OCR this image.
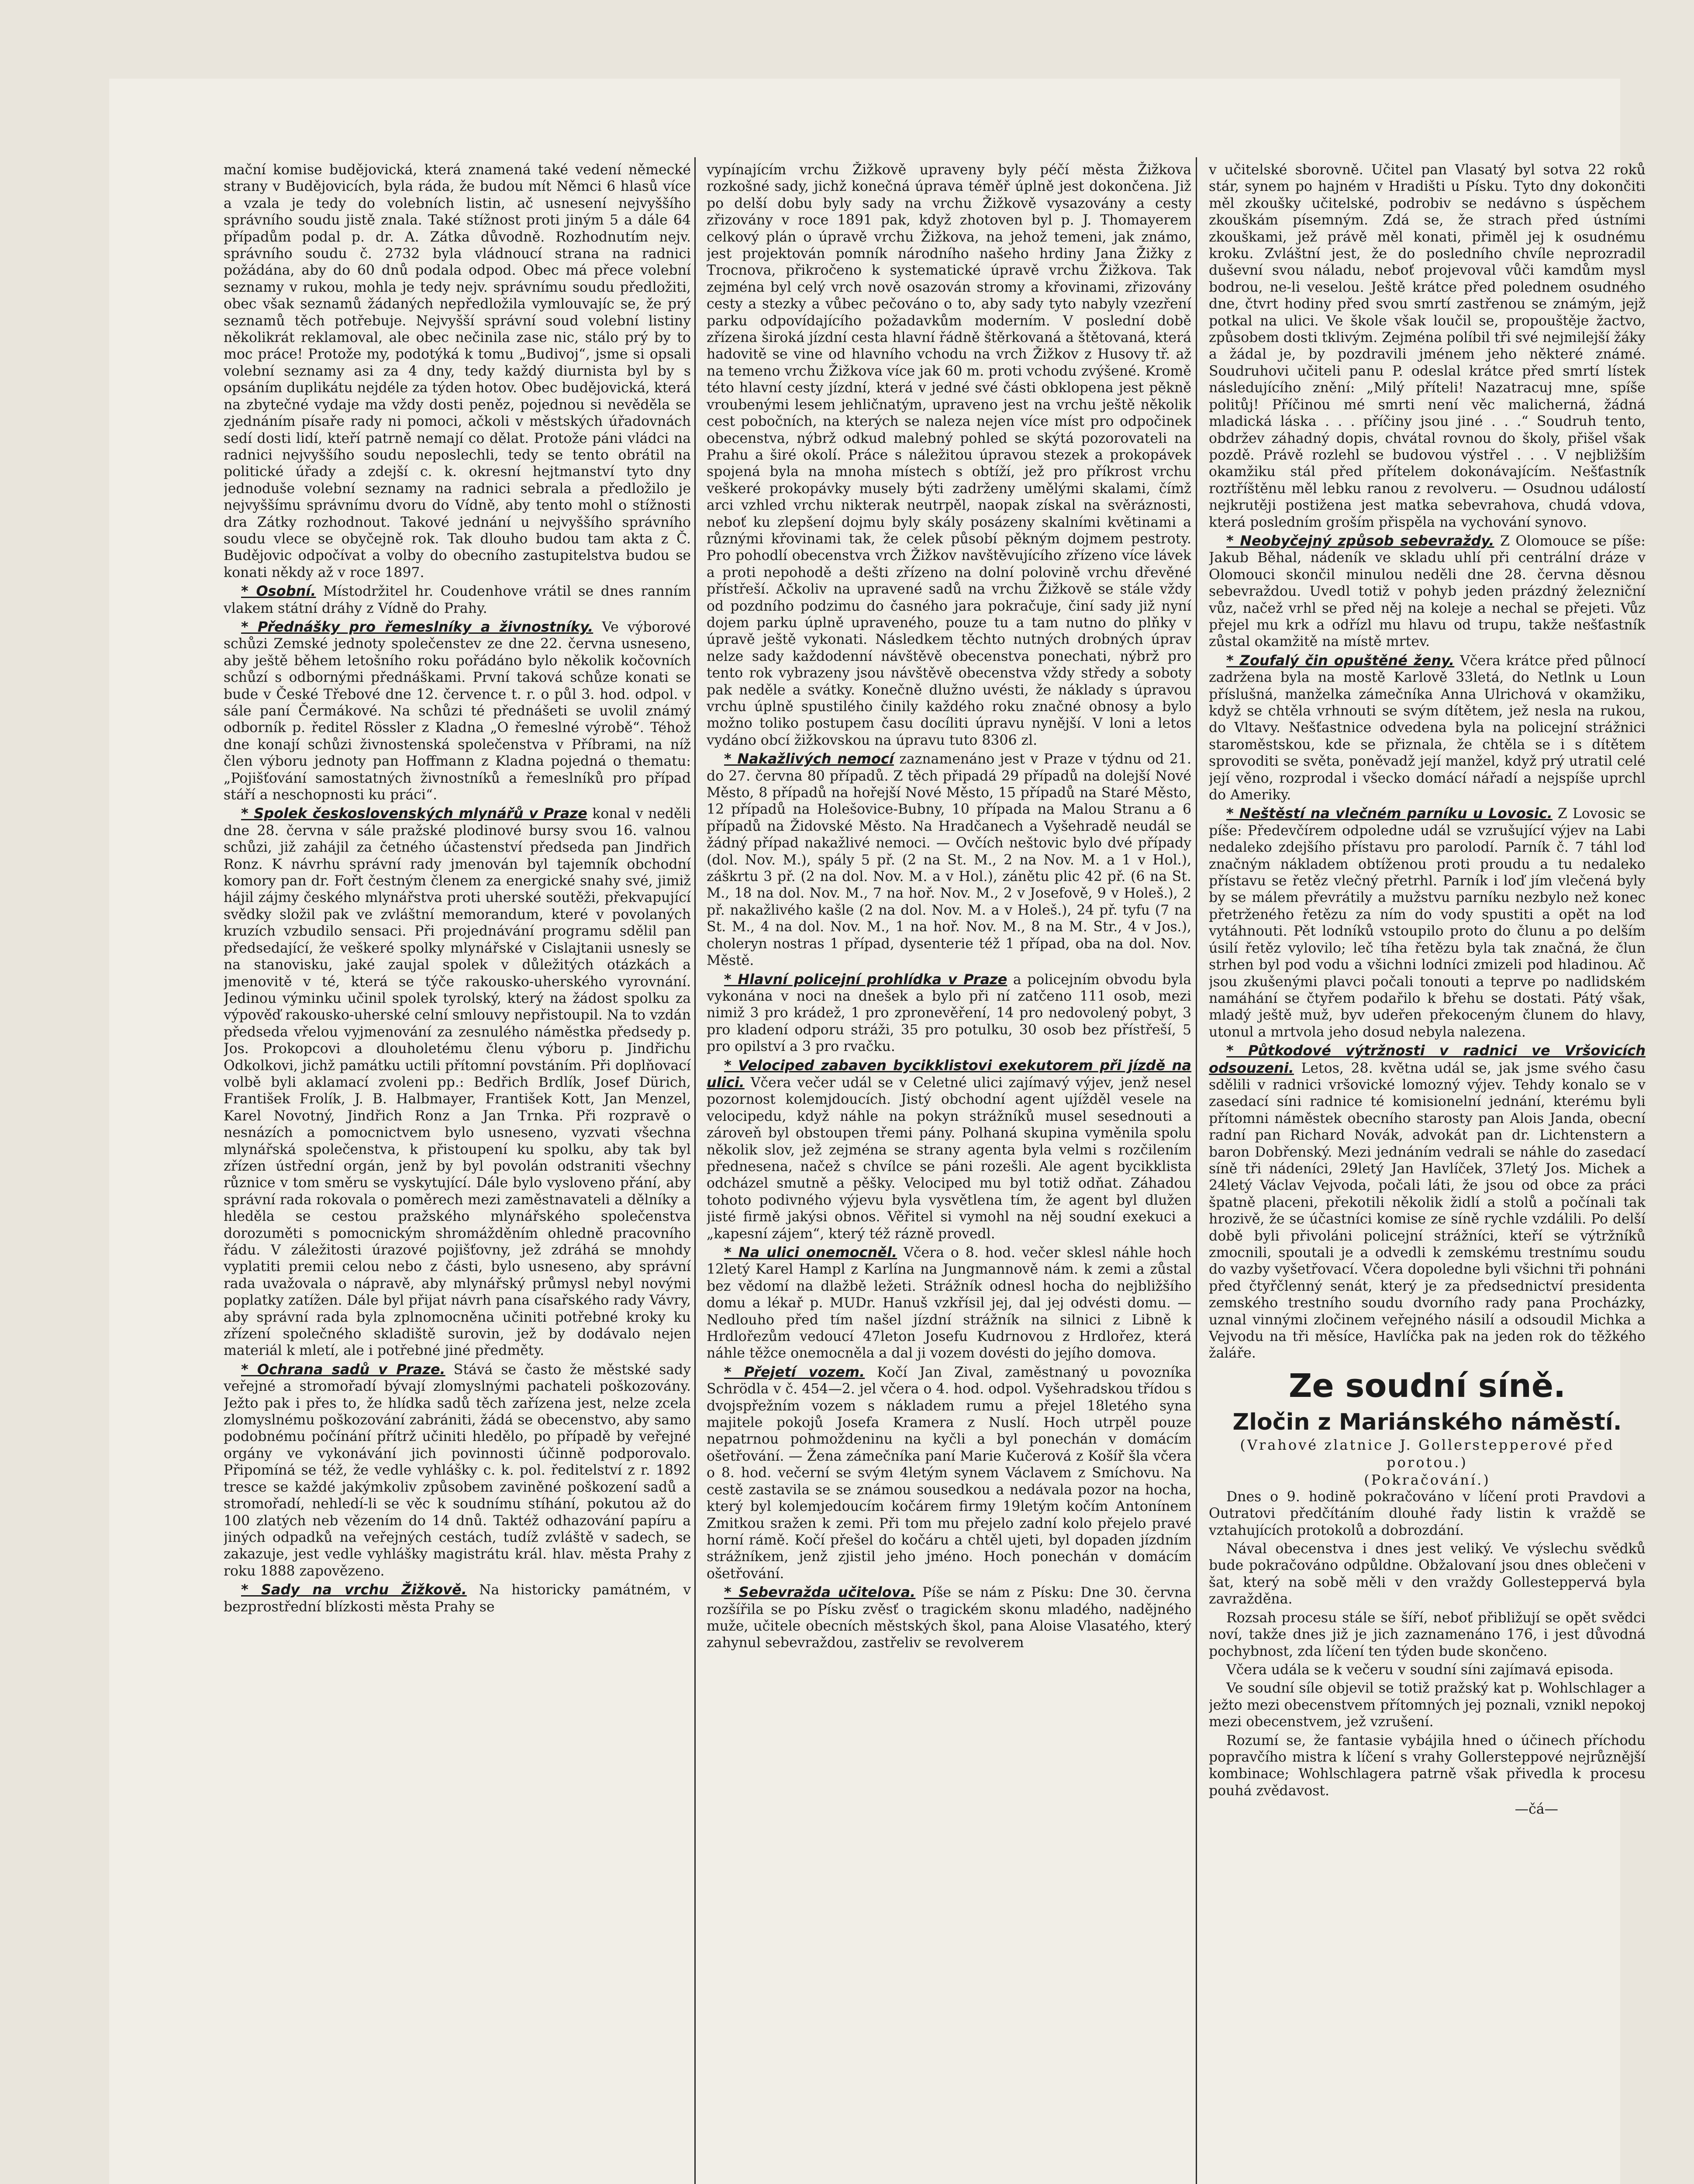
mační komise budějovická, která znamená také vedení německé strany v Budějovicích, byla ráda, že budou mít Němci 6 hlasů více a vzala je tedy do volebních listin, ač usnesení nejvyššího správního soudu jistě znala. Také stížnost proti jiným 5 a dále 64 případům podal p. dr. A. Zátka důvodně. Rozhodnutím nejv. správního soudu č. 2732 byla vládnoucí strana na radnici požádána, aby do 60 dnů podala odpod. Obec má přece volební seznamy v rukou, mohla je tedy nejv. správnímu soudu předložiti, obec však seznamů žádaných nepředložila vymlouvajíc se, že prý seznamů těch potřebuje. Nejvyšší správní soud volební listiny několikrát reklamoval, ale obec nečinila zase nic, stálo prý by to moc práce! Protože my, podotýká k tomu „Budivoj“, jsme si opsali volební seznamy asi za 4 dny, tedy každý diurnista byl by s opsáním duplikátu nejdéle za týden hotov. Obec budějovická, která na zbytečné vydaje ma vždy dosti peněz, pojednou si nevěděla se zjednáním písaře rady ni pomoci, ačkoli v městských úřadovnách sedí dosti lidí, kteří patrně nemají co dělat. Protože páni vládci na radnici nejvyššího soudu neposlechli, tedy se tento obrátil na politické úřady a zdejší c. k. okresní hejtmanství tyto dny jednoduše volební seznamy na radnici sebrala a předložilo je nejvyššímu správnímu dvoru do Vídně, aby tento mohl o stížnosti dra Zátky rozhodnout. Takové jednání u nejvyššího správního soudu vlece se obyčejně rok. Tak dlouho budou tam akta z Č. Budějovic odpočívat a volby do obecního zastupitelstva budou se konati někdy až v roce 1897.

* Osobní. Místodržitel hr. Coudenhove vrátil se dnes ranním vlakem státní dráhy z Vídně do Prahy.

* Přednášky pro řemeslníky a živnostníky. Ve výborové schůzi Zemské jednoty společenstev ze dne 22. června usneseno, aby ještě během letošního roku pořádáno bylo několik kočovních schůzí s odbornými přednáškami. První taková schůze konati se bude v České Třebové dne 12. července t. r. o půl 3. hod. odpol. v sále paní Čermákové. Na schůzi té přednášeti se uvolil známý odborník p. ředitel Rössler z Kladna „O řemeslné výrobě“. Téhož dne konají schůzi živnostenská společenstva v Příbrami, na níž člen výboru jednoty pan Hoffmann z Kladna pojedná o thematu: „Pojišťování samostatných živnostníků a řemeslníků pro případ stáří a neschopnosti ku práci“.

* Spolek československých mlynářů v Praze konal v neděli dne 28. června v sále pražské plodinové bursy svou 16. valnou schůzi, již zahájil za četného účastenství předseda pan Jindřich Ronz. K návrhu správní rady jmenován byl tajemník obchodní komory pan dr. Fořt čestným členem za energické snahy své, jimiž hájil zájmy českého mlynářstva proti uherské soutěži, překvapující svědky složil pak ve zvláštní memorandum, které v povolaných kruzích vzbudilo sensaci. Při projednávání programu sdělil pan předsedající, že veškeré spolky mlynářské v Cislajtanii usnesly se na stanovisku, jaké zaujal spolek v důležitých otázkách a jmenovitě v té, která se týče rakousko-uherského vyrovnání. Jedinou výminku učinil spolek tyrolský, který na žádost spolku za výpověď rakousko-uherské celní smlouvy nepřistoupil. Na to vzdán předseda vřelou vyjmenování za zesnulého náměstka předsedy p. Jos. Prokopcovi a dlouholetému členu výboru p. Jindřichu Odkolkovi, jichž památku uctili přítomní povstáním. Při doplňovací volbě byli aklamací zvoleni pp.: Bedřich Brdlík, Josef Dürich, František Frolík, J. B. Halbmayer, František Kott, Jan Menzel, Karel Novotný, Jindřich Ronz a Jan Trnka. Při rozpravě o nesnázích a pomocnictvem bylo usneseno, vyzvati všechna mlynářská společenstva, k přistoupení ku spolku, aby tak byl zřízen ústřední orgán, jenž by byl povolán odstraniti všechny různice v tom směru se vyskytující. Dále bylo vysloveno přání, aby správní rada rokovala o poměrech mezi zaměstnavateli a dělníky a hleděla se cestou pražského mlynářského společenstva dorozuměti s pomocnickým shromážděním ohledně pracovního řádu. V záležitosti úrazové pojišťovny, jež zdráhá se mnohdy vyplatiti premii celou nebo z části, bylo usneseno, aby správní rada uvažovala o nápravě, aby mlynářský průmysl nebyl novými poplatky zatížen. Dále byl přijat návrh pana císařského rady Vávry, aby správní rada byla zplnomocněna učiniti potřebné kroky ku zřízení společného skladiště surovin, jež by dodávalo nejen materiál k mletí, ale i potřebné jiné předměty.

* Ochrana sadů v Praze. Stává se často že městské sady veřejné a stromořadí bývají zlomyslnými pachateli poškozovány. Ježto pak i přes to, že hlídka sadů těch zařízena jest, nelze zcela zlomyslnému poškozování zabrániti, žádá se obecenstvo, aby samo podobnému počínání přítrž učiniti hledělo, po případě by veřejné orgány ve vykonávání jich povinnosti účinně podporovalo. Připomíná se též, že vedle vyhlášky c. k. pol. ředitelství z r. 1892 tresce se každé jakýmkoliv způsobem zaviněné poškození sadů a stromořadí, nehledí-li se věc k soudnímu stíhání, pokutou až do 100 zlatých neb vězením do 14 dnů. Taktéž odhazování papíru a jiných odpadků na veřejných cestách, tudíž zvláště v sadech, se zakazuje, jest vedle vyhlášky magistrátu král. hlav. města Prahy z roku 1888 zapovězeno.

* Sady na vrchu Žižkově. Na historicky památném, v bezprostřední blízkosti města Prahy se

vypínajícím vrchu Žižkově upraveny byly péčí města Žižkova rozkošné sady, jichž konečná úprava téměř úplně jest dokončena. Již po delší dobu byly sady na vrchu Žižkově vysazovány a cesty zřizovány v roce 1891 pak, když zhotoven byl p. J. Thomayerem celkový plán o úpravě vrchu Žižkova, na jehož temeni, jak známo, jest projektován pomník národního našeho hrdiny Jana Žižky z Trocnova, přikročeno k systematické úpravě vrchu Žižkova. Tak zejména byl celý vrch nově osazován stromy a křovinami, zřizovány cesty a stezky a vůbec pečováno o to, aby sady tyto nabyly vzezření parku odpovídajícího požadavkům moderním. V poslední době zřízena široká jízdní cesta hlavní řádně štěrkovaná a štětovaná, která hadovitě se vine od hlavního vchodu na vrch Žižkov z Husovy tř. až na temeno vrchu Žižkova více jak 60 m. proti vchodu zvýšené. Kromě této hlavní cesty jízdní, která v jedné své části obklopena jest pěkně vroubenými lesem jehličnatým, upraveno jest na vrchu ještě několik cest pobočních, na kterých se naleza nejen více míst pro odpočinek obecenstva, nýbrž odkud malebný pohled se skýtá pozorovateli na Prahu a širé okolí. Práce s náležitou úpravou stezek a prokopávek spojená byla na mnoha místech s obtíží, jež pro příkrost vrchu veškeré prokopávky musely býti zadrženy umělými skalami, čímž arci vzhled vrchu nikterak neutrpěl, naopak získal na svěráznosti, neboť ku zlepšení dojmu byly skály posázeny skalními květinami a různými křovinami tak, že celek působí pěkným dojmem pestroty. Pro pohodlí obecenstva vrch Žižkov navštěvujícího zřízeno více lávek a proti nepohodě a dešti zřízeno na dolní polovině vrchu dřevěné přístřeší. Ačkoliv na upravené sadů na vrchu Žižkově se stále vždy od pozdního podzimu do časného jara pokračuje, činí sady již nyní dojem parku úplně upraveného, pouze tu a tam nutno do plňky v úpravě ještě vykonati. Následkem těchto nutných drobných úprav nelze sady každodenní návštěvě obecenstva ponechati, nýbrž pro tento rok vybrazeny jsou návštěvě obecenstva vždy středy a soboty pak neděle a svátky. Konečně dlužno uvésti, že náklady s úpravou vrchu úplně spustilého činily každého roku značné obnosy a bylo možno toliko postupem času docíliti úpravu nynější. V loni a letos vydáno obcí žižkovskou na úpravu tuto 8306 zl.

* Nakažlivých nemocí zaznamenáno jest v Praze v týdnu od 21. do 27. června 80 případů. Z těch připadá 29 případů na dolejší Nové Město, 8 případů na hořejší Nové Město, 15 případů na Staré Město, 12 případů na Holešovice-Bubny, 10 případa na Malou Stranu a 6 případů na Židovské Město. Na Hradčanech a Vyšehradě neudál se žádný případ nakažlivé nemoci. — Ovčích neštovic bylo dvé případy (dol. Nov. M.), spály 5 př. (2 na St. M., 2 na Nov. M. a 1 v Hol.), záškrtu 3 př. (2 na dol. Nov. M. a v Hol.), zánětu plic 42 př. (6 na St. M., 18 na dol. Nov. M., 7 na hoř. Nov. M., 2 v Josefově, 9 v Holeš.), 2 př. nakažlivého kašle (2 na dol. Nov. M. a v Holeš.), 24 př. tyfu (7 na St. M., 4 na dol. Nov. M., 1 na hoř. Nov. M., 8 na M. Str., 4 v Jos.), choleryn nostras 1 případ, dysenterie též 1 případ, oba na dol. Nov. Městě.

* Hlavní policejní prohlídka v Praze a policejním obvodu byla vykonána v noci na dnešek a bylo při ní zatčeno 111 osob, mezi nimiž 3 pro krádež, 1 pro zpronevěření, 14 pro nedovolený pobyt, 3 pro kladení odporu stráži, 35 pro potulku, 30 osob bez přístřeší, 5 pro opilství a 3 pro rvačku.

* Velociped zabaven bycikklistovi exekutorem při jízdě na ulici. Včera večer udál se v Celetné ulici zajímavý výjev, jenž nesel pozornost kolemjdoucích. Jistý obchodní agent ujížděl vesele na velocipedu, když náhle na pokyn strážníků musel sesednouti a zároveň byl obstoupen třemi pány. Polhaná skupina vyměnila spolu několik slov, jež zejména se strany agenta byla velmi s rozčilením přednesena, načež s chvílce se páni rozešli. Ale agent bycikklista odcházel smutně a pěšky. Velociped mu byl totiž odňat. Záhadou tohoto podivného výjevu byla vysvětlena tím, že agent byl dlužen jisté firmě jakýsi obnos. Věřitel si vymohl na něj soudní exekuci a „kapesní zájem“, který též rázně provedl.

* Na ulici onemocněl. Včera o 8. hod. večer sklesl náhle hoch 12letý Karel Hampl z Karlína na Jungmannově nám. k zemi a zůstal bez vědomí na dlažbě ležeti. Strážník odnesl hocha do nejbližšího domu a lékař p. MUDr. Hanuš vzkřísil jej, dal jej odvésti domu. — Nedlouho před tím našel jízdní strážník na silnici z Libně k Hrdlořezům vedoucí 47leton Josefu Kudrnovou z Hrdlořez, která náhle těžce onemocněla a dal ji vozem dovésti do jejího domova.

* Přejetí vozem. Kočí Jan Zival, zaměstnaný u povozníka Schrödla v č. 454—2. jel včera o 4. hod. odpol. Vyšehradskou třídou s dvojspřežním vozem s nákladem rumu a přejel 18letého syna majitele pokojů Josefa Kramera z Nuslí. Hoch utrpěl pouze nepatrnou pohmoždeninu na kyčli a byl ponechán v domácím ošetřování. — Žena zámečníka paní Marie Kučerová z Košíř šla včera o 8. hod. večerní se svým 4letým synem Václavem z Smíchovu. Na cestě zastavila se se známou sousedkou a nedávala pozor na hocha, který byl kolemjedoucím kočárem firmy 19letým kočím Antonínem Zmitkou sražen k zemi. Při tom mu přejelo zadní kolo přejelo pravé horní rámě. Kočí přešel do kočáru a chtěl ujeti, byl dopaden jízdním strážníkem, jenž zjistil jeho jméno. Hoch ponechán v domácím ošetřování.

* Sebevražda učitelova. Píše se nám z Písku: Dne 30. června rozšířila se po Písku zvěsť o tragickém skonu mladého, nadějného muže, učitele obecních městských škol, pana Aloise Vlasatého, který zahynul sebevraždou, zastřeliv se revolverem

v učitelské sborovně. Učitel pan Vlasatý byl sotva 22 roků stár, synem po hajném v Hradišti u Písku. Tyto dny dokončiti měl zkoušky učitelské, podrobiv se nedávno s úspěchem zkouškám písemným. Zdá se, že strach před ústními zkouškami, jež právě měl konati, přiměl jej k osudnému kroku. Zvláštní jest, že do posledního chvíle neprozradil duševní svou náladu, neboť projevoval vůči kamdům mysl bodrou, ne-li veselou. Ještě krátce před polednem osudného dne, čtvrt hodiny před svou smrtí zastřenou se známým, jejž potkal na ulici. Ve škole však loučil se, propouštěje žactvo, způsobem dosti tklivým. Zejména políbil tři své nejmilejší žáky a žádal je, by pozdravili jménem jeho některé známé. Soudruhovi učiteli panu P. odeslal krátce před smrtí lístek následujícího znění: „Milý příteli! Nazatracuj mne, spíše politůj! Příčinou mé smrti není věc malicherná, žádná mladická láska . . . příčiny jsou jiné . . .“ Soudruh tento, obdržev záhadný dopis, chvátal rovnou do školy, přišel však pozdě. Právě rozlehl se budovou výstřel . . . V nejbližším okamžiku stál před přítelem dokonávajícím. Nešťastník roztříštěnu měl lebku ranou z revolveru. — Osudnou událostí nejkrutěji postižena jest matka sebevrahova, chudá vdova, která posledním groším přispěla na vychování synovo.

* Neobyčejný způsob sebevraždy. Z Olomouce se píše: Jakub Běhal, nádeník ve skladu uhlí při centrální dráze v Olomouci skončil minulou neděli dne 28. června děsnou sebevraždou. Uvedl totiž v pohyb jeden prázdný železniční vůz, načež vrhl se před něj na koleje a nechal se přejeti. Vůz přejel mu krk a odřízl mu hlavu od trupu, takže nešťastník zůstal okamžitě na místě mrtev.

* Zoufalý čin opuštěné ženy. Včera krátce před půlnocí zadržena byla na mostě Karlově 33letá, do Netlnk u Loun příslušná, manželka zámečníka Anna Ulrichová v okamžiku, když se chtěla vrhnouti se svým dítětem, jež nesla na rukou, do Vltavy. Nešťastnice odvedena byla na policejní strážnici staroměstskou, kde se přiznala, že chtěla se i s dítětem sprovoditi se světa, poněvadž její manžel, když prý utratil celé její věno, rozprodal i všecko domácí nářadí a nejspíše uprchl do Ameriky.

* Neštěstí na vlečném parníku u Lovosic. Z Lovosic se píše: Předevčírem odpoledne udál se vzrušující výjev na Labi nedaleko zdejšího přístavu pro parolodí. Parník č. 7 táhl loď značným nákladem obtíženou proti proudu a tu nedaleko přístavu se řetěz vlečný přetrhl. Parník i loď jím vlečená byly by se málem převrátily a mužstvu parníku nezbylo než konec přetrženého řetězu za ním do vody spustiti a opět na loď vytáhnouti. Pět lodníků vstoupilo proto do člunu a po delším úsilí řetěz vylovilo; leč tíha řetězu byla tak značná, že člun strhen byl pod vodu a všichni lodníci zmizeli pod hladinou. Ač jsou zkušenými plavci počali tonouti a teprve po nadlidském namáhání se čtyřem podařilo k břehu se dostati. Pátý však, mladý ještě muž, byv udeřen překoceným člunem do hlavy, utonul a mrtvola jeho dosud nebyla nalezena.

* Půtkodové výtržnosti v radnici ve Vršovicích odsouzeni. Letos, 28. května udál se, jak jsme svého času sdělili v radnici vršovické lomozný výjev. Tehdy konalo se v zasedací síni radnice té komisionelní jednání, kterému byli přítomni náměstek obecního starosty pan Alois Janda, obecní radní pan Richard Novák, advokát pan dr. Lichtenstern a baron Dobřenský. Mezi jednáním vedrali se náhle do zasedací síně tři nádeníci, 29letý Jan Havlíček, 37letý Jos. Michek a 24letý Václav Vejvoda, počali láti, že jsou od obce za práci špatně placeni, překotili několik židlí a stolů a počínali tak hrozivě, že se účastníci komise ze síně rychle vzdálili. Po delší době byli přivoláni policejní strážníci, kteří se výtržníků zmocnili, spoutali je a odvedli k zemskému trestnímu soudu do vazby vyšetřovací. Včera dopoledne byli všichni tři pohnáni před čtyřčlenný senát, který je za předsednictví presidenta zemského trestního soudu dvorního rady pana Procházky, uznal vinnými zločinem veřejného násilí a odsoudil Michka a Vejvodu na tři měsíce, Havlíčka pak na jeden rok do těžkého žaláře.

Ze soudní síně.
Zločin z Mariánského náměstí.
(Vrahové zlatnice J. Gollerstepperové před porotou.)
(Pokračování.)

Dnes o 9. hodině pokračováno v líčení proti Pravdovi a Outratovi předčítáním dlouhé řady listin k vraždě se vztahujících protokolů a dobrozdání.

Nával obecenstva i dnes jest veliký. Ve výslechu svědků bude pokračováno odpůldne. Obžalovaní jsou dnes oblečeni v šat, který na sobě měli v den vraždy Gollesteppervá byla zavražděna.

Rozsah procesu stále se šíří, neboť přibližují se opět svědci noví, takže dnes již je jich zaznamenáno 176, i jest důvodná pochybnost, zda líčení ten týden bude skončeno.

Včera udála se k večeru v soudní síni zajímavá episoda.

Ve soudní síle objevil se totiž pražský kat p. Wohlschlager a ježto mezi obecenstvem přítomných jej poznali, vznikl nepokoj mezi obecenstvem, jež vzrušení.

Rozumí se, že fantasie vybájila hned o účinech příchodu popravčího mistra k líčení s vrahy Gollersteppové nejrůznější kombinace; Wohlschlagera patrně však přivedla k procesu pouhá zvědavost.

—čá—
